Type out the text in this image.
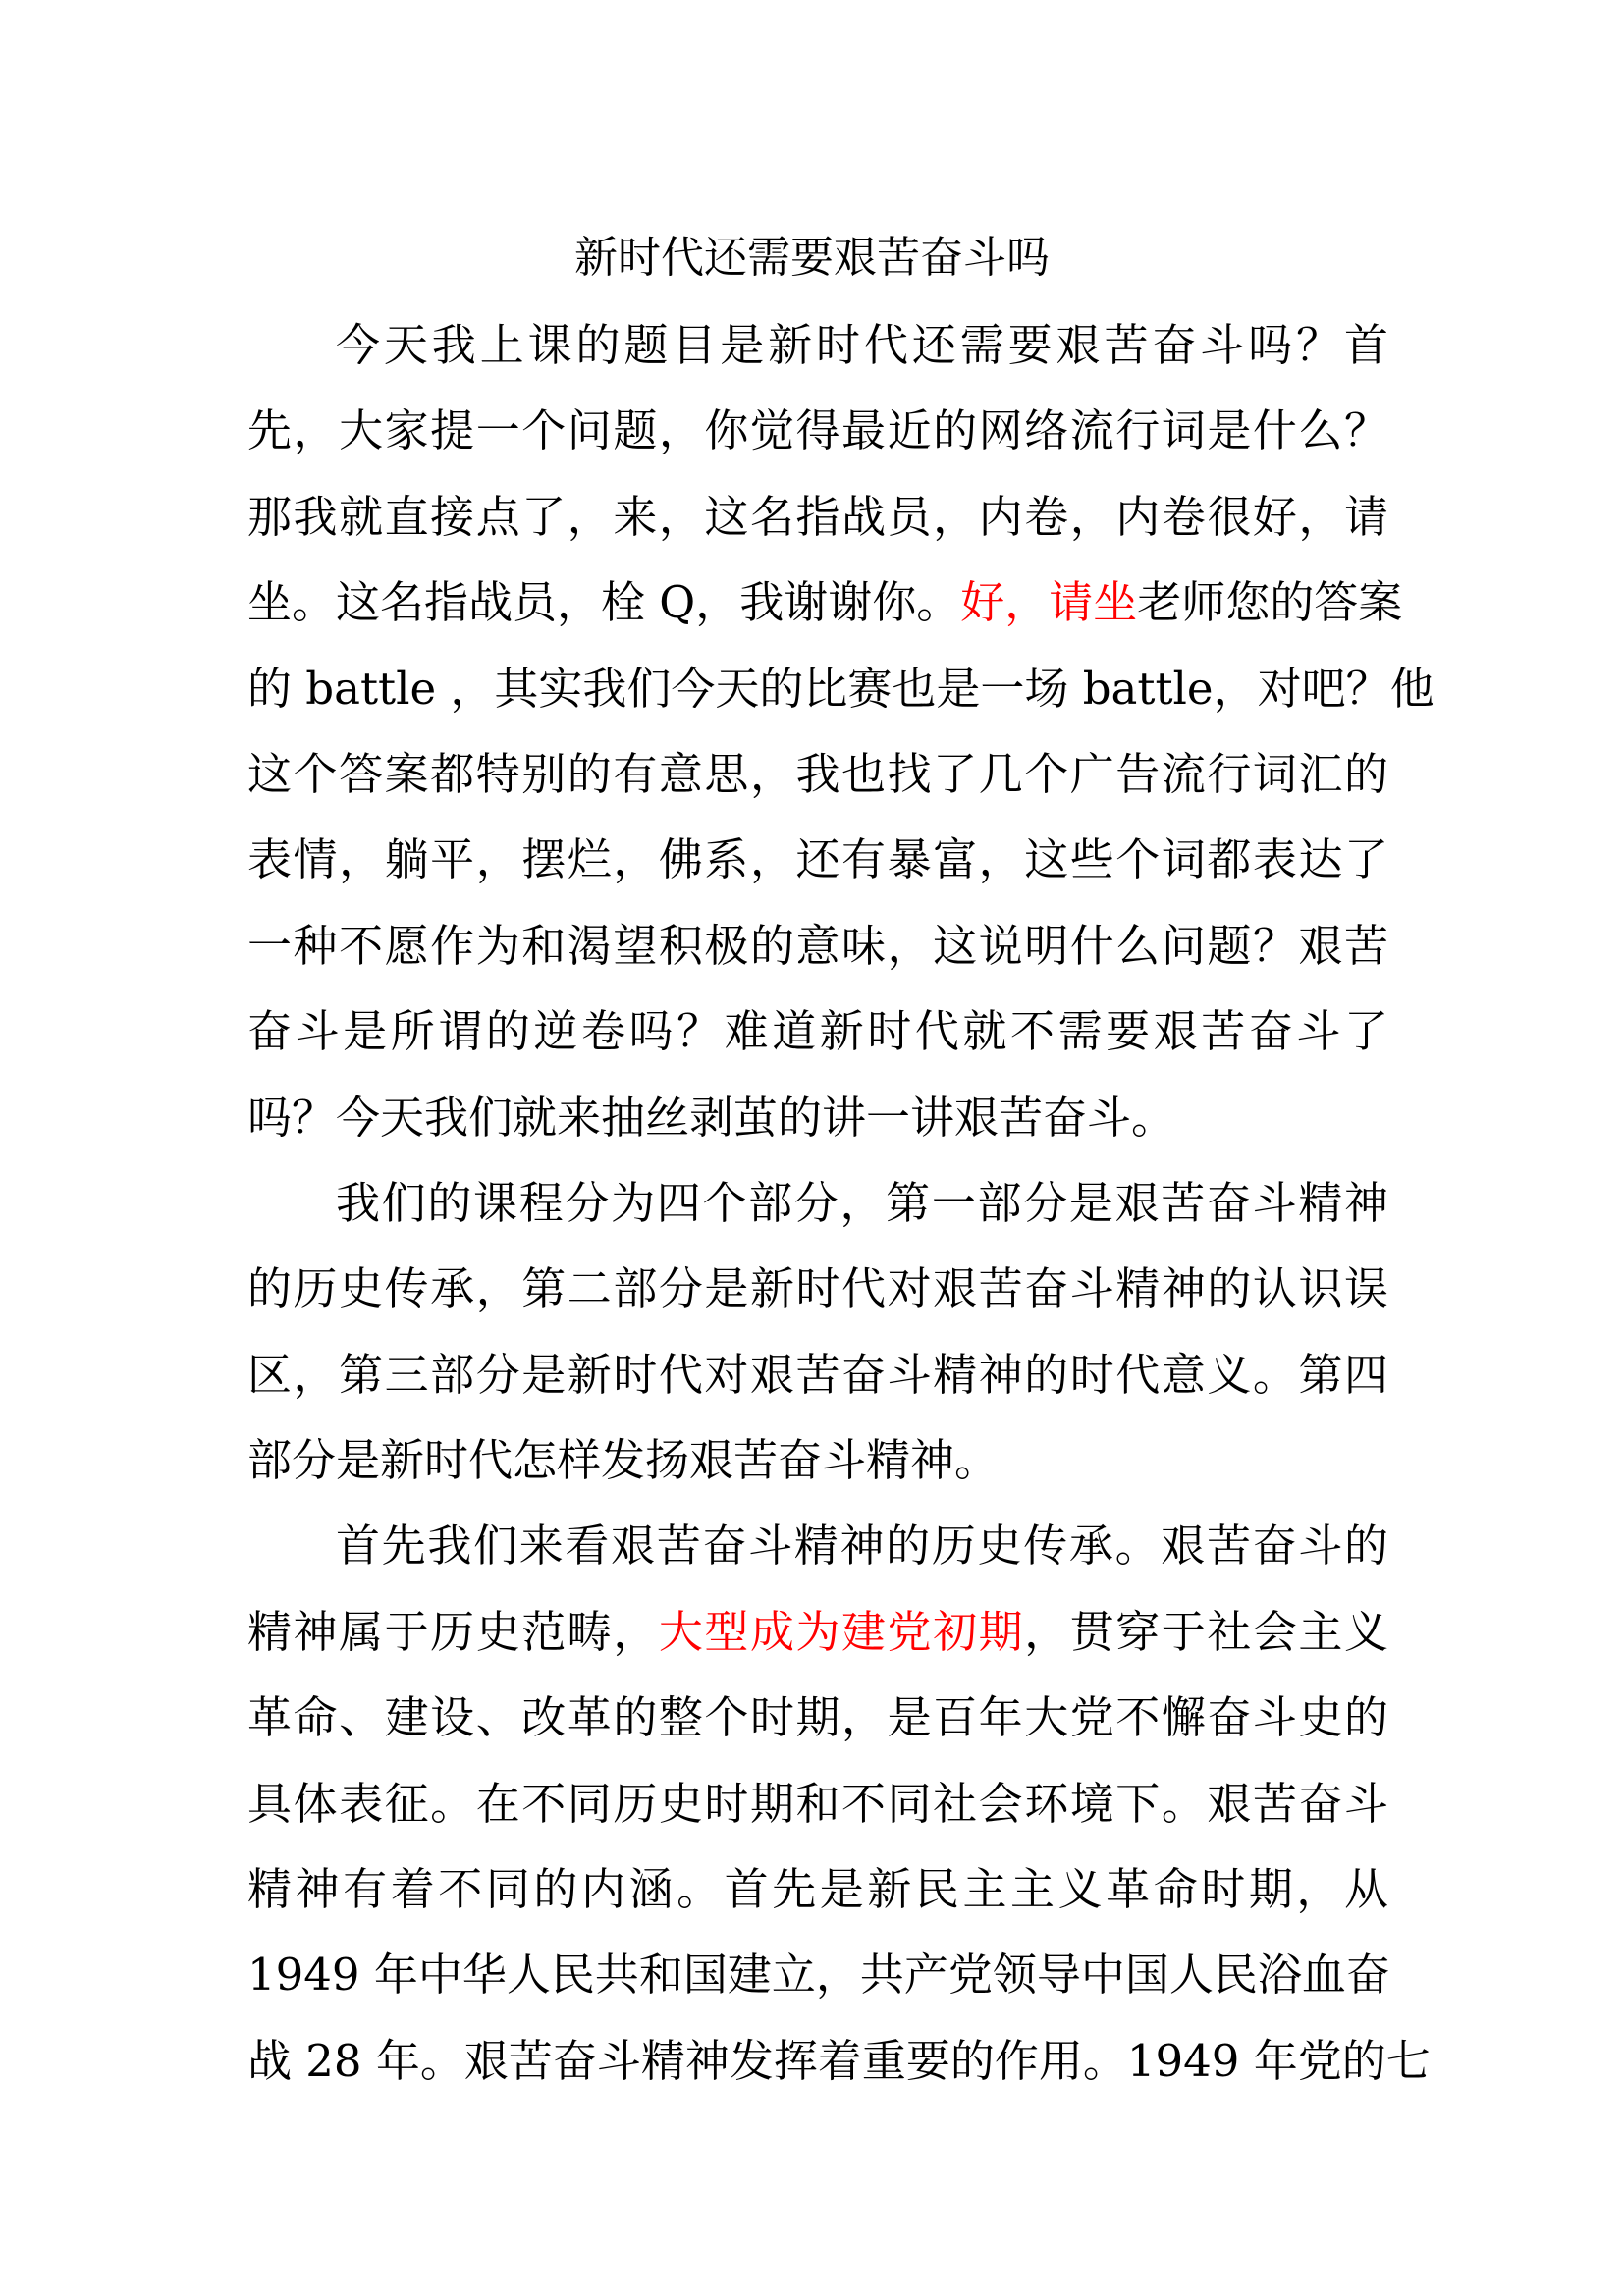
新时代还需要艰苦奋斗吗
今天我上课的题目是新时代还需要艰苦奋斗吗？首
先，大家提一个问题，你觉得最近的网络流行词是什么？
那我就直接点了，来，这名指战员，内卷，内卷很好，请
坐。这名指战员，栓 Q，我谢谢你。好，请坐老师您的答案
的 battle ，其实我们今天的比赛也是一场 battle，对吧？他
这个答案都特别的有意思，我也找了几个广告流行词汇的
表情，躺平，摆烂，佛系，还有暴富，这些个词都表达了
一种不愿作为和渴望积极的意味，这说明什么问题？艰苦
奋斗是所谓的逆卷吗？难道新时代就不需要艰苦奋斗了
吗？今天我们就来抽丝剥茧的讲一讲艰苦奋斗。
我们的课程分为四个部分，第一部分是艰苦奋斗精神
的历史传承，第二部分是新时代对艰苦奋斗精神的认识误
区，第三部分是新时代对艰苦奋斗精神的时代意义。第四
部分是新时代怎样发扬艰苦奋斗精神。
首先我们来看艰苦奋斗精神的历史传承。艰苦奋斗的
精神属于历史范畴，大型成为建党初期，贯穿于社会主义
革命、建设、改革的整个时期，是百年大党不懈奋斗史的
具体表征。在不同历史时期和不同社会环境下。艰苦奋斗
精神有着不同的内涵。首先是新民主主义革命时期，从
1949 年中华人民共和国建立，共产党领导中国人民浴血奋
战 28 年。艰苦奋斗精神发挥着重要的作用。1949 年党的七
